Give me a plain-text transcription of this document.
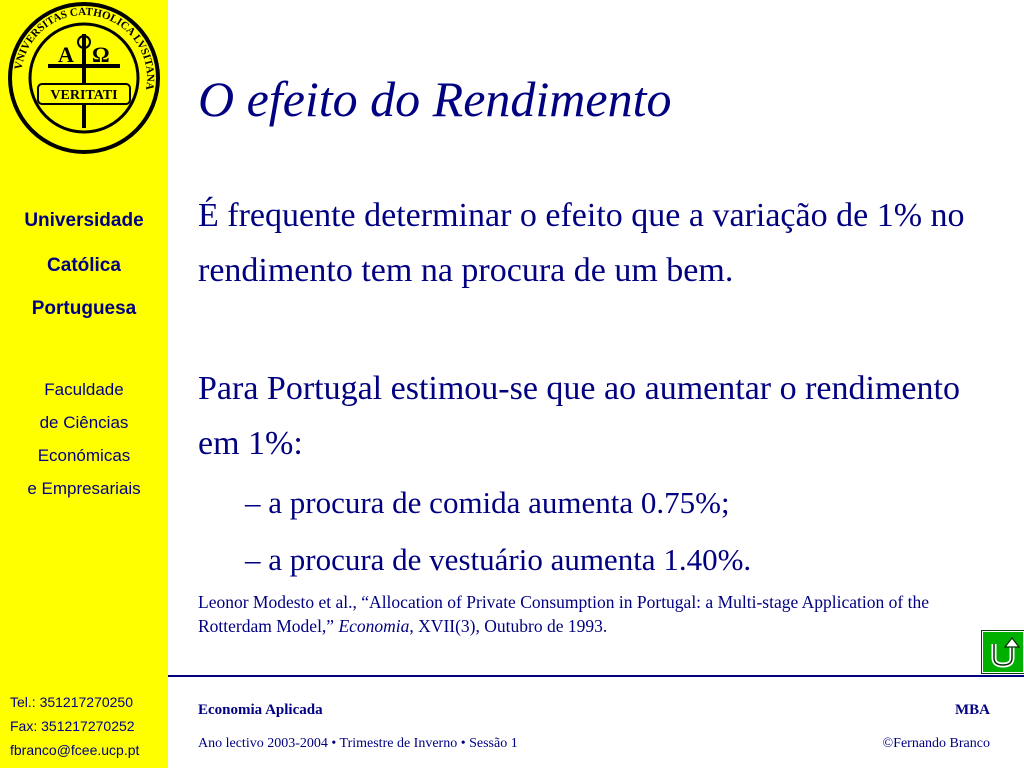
A Ω
VERITATI
VNIVERSITAS CATHOLICA LVSITANA
Universidade
Católica
Portuguesa
Faculdade
de Ciências
Económicas
e Empresariais
Tel.: 351217270250
Fax: 351217270252
fbranco@fcee.ucp.pt
O efeito do Rendimento

É frequente determinar o efeito que a variação de 1% no rendimento tem na procura de um bem.

Para Portugal estimou-se que ao aumentar o rendimento em 1%:

– a procura de comida aumenta 0.75%;
– a procura de vestuário aumenta 1.40%.
Leonor Modesto et al., “Allocation of Private Consumption in Portugal: a Multi-stage Application of the Rotterdam Model,” Economia, XVII(3), Outubro de 1993.
Economia Aplicada	MBA
Ano lectivo 2003-2004 • Trimestre de Inverno • Sessão 1	©Fernando Branco
